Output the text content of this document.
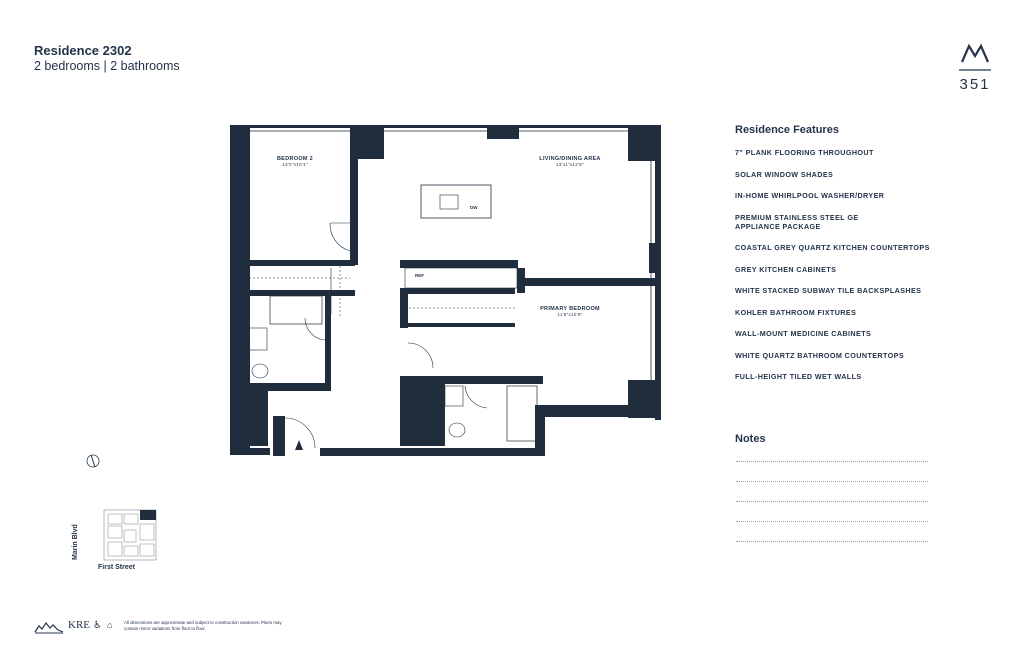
Residence 2302
2 bedrooms | 2 bathrooms
351
BEDROOM 2
13'0"x10'1"
LIVING/DINING AREA
13'11"x12'8"
PRIMARY BEDROOM
11'6"x10'8"
DW
REF
W/D
Residence Features
7" PLANK FLOORING THROUGHOUT
SOLAR WINDOW SHADES
IN-HOME WHIRLPOOL WASHER/DRYER
PREMIUM STAINLESS STEEL GE APPLIANCE PACKAGE
COASTAL GREY QUARTZ KITCHEN COUNTERTOPS
GREY KITCHEN CABINETS
WHITE STACKED SUBWAY TILE BACKSPLASHES
KOHLER BATHROOM FIXTURES
WALL-MOUNT MEDICINE CABINETS
WHITE QUARTZ BATHROOM COUNTERTOPS
FULL-HEIGHT TILED WET WALLS
Notes
Marin Blvd
First Street
KRE ♿ ⌂	All dimensions are approximate and subject to construction variances. Plans may contain minor variations from floor to floor.
